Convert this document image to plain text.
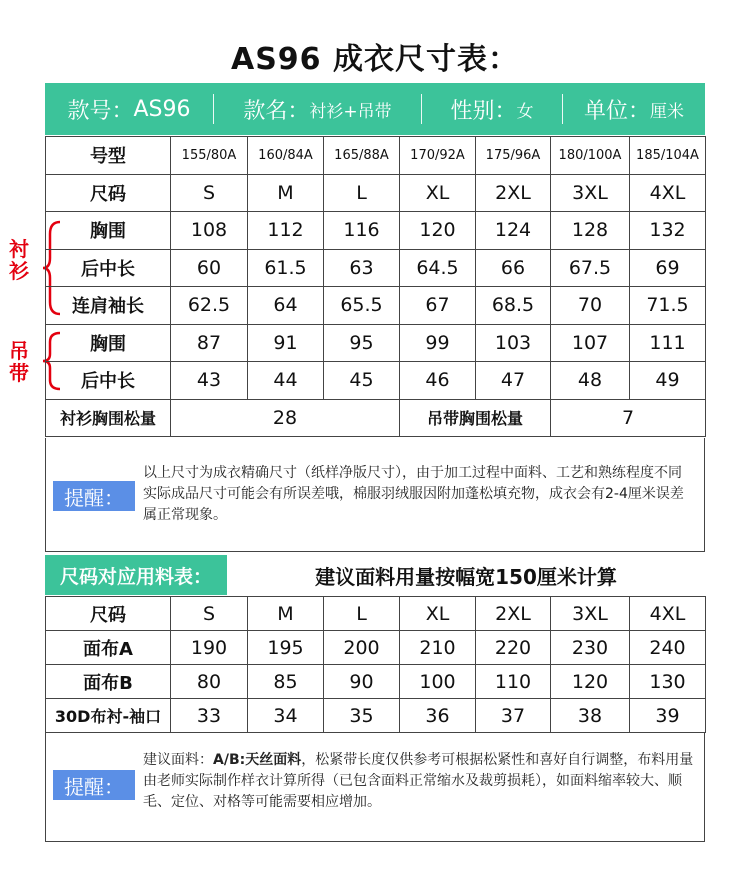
AS96 成衣尺寸表：
款号： AS96 款名： 衬衫+吊带	性别： 女 单位： 厘米
衬衫
吊带
号型	155/80A	160/84A	165/88A	170/92A	175/96A	180/100A	185/104A
尺码	S	M	L	XL	2XL	3XL	4XL
胸围	108	112	116	120	124	128	132
后中长	60	61.5	63	64.5	66	67.5	69
连肩袖长	62.5	64	65.5	67	68.5	70	71.5
胸围	87	91	95	99	103	107	111
后中长	43	44	45	46	47	48	49
衬衫胸围松量	28			吊带胸围松量		7	
提醒：
以上尺寸为成衣精确尺寸（纸样净版尺寸），由于加工过程中面料、工艺和熟练程度不同实际成品尺寸可能会有所误差哦，棉服羽绒服因附加蓬松填充物，成衣会有2-4厘米误差属正常现象。
尺码对应用料表：	建议面料用量按幅宽150厘米计算
尺码	S	M	L	XL	2XL	3XL	4XL
面布A	190	195	200	210	220	230	240
面布B	80	85	90	100	110	120	130
30D布衬-袖口	33	34	35	36	37	38	39
提醒：
建议面料：A/B:天丝面料，松紧带长度仅供参考可根据松紧性和喜好自行调整，布料用量由老师实际制作样衣计算所得（已包含面料正常缩水及裁剪损耗），如面料缩率较大、顺毛、定位、对格等可能需要相应增加。
